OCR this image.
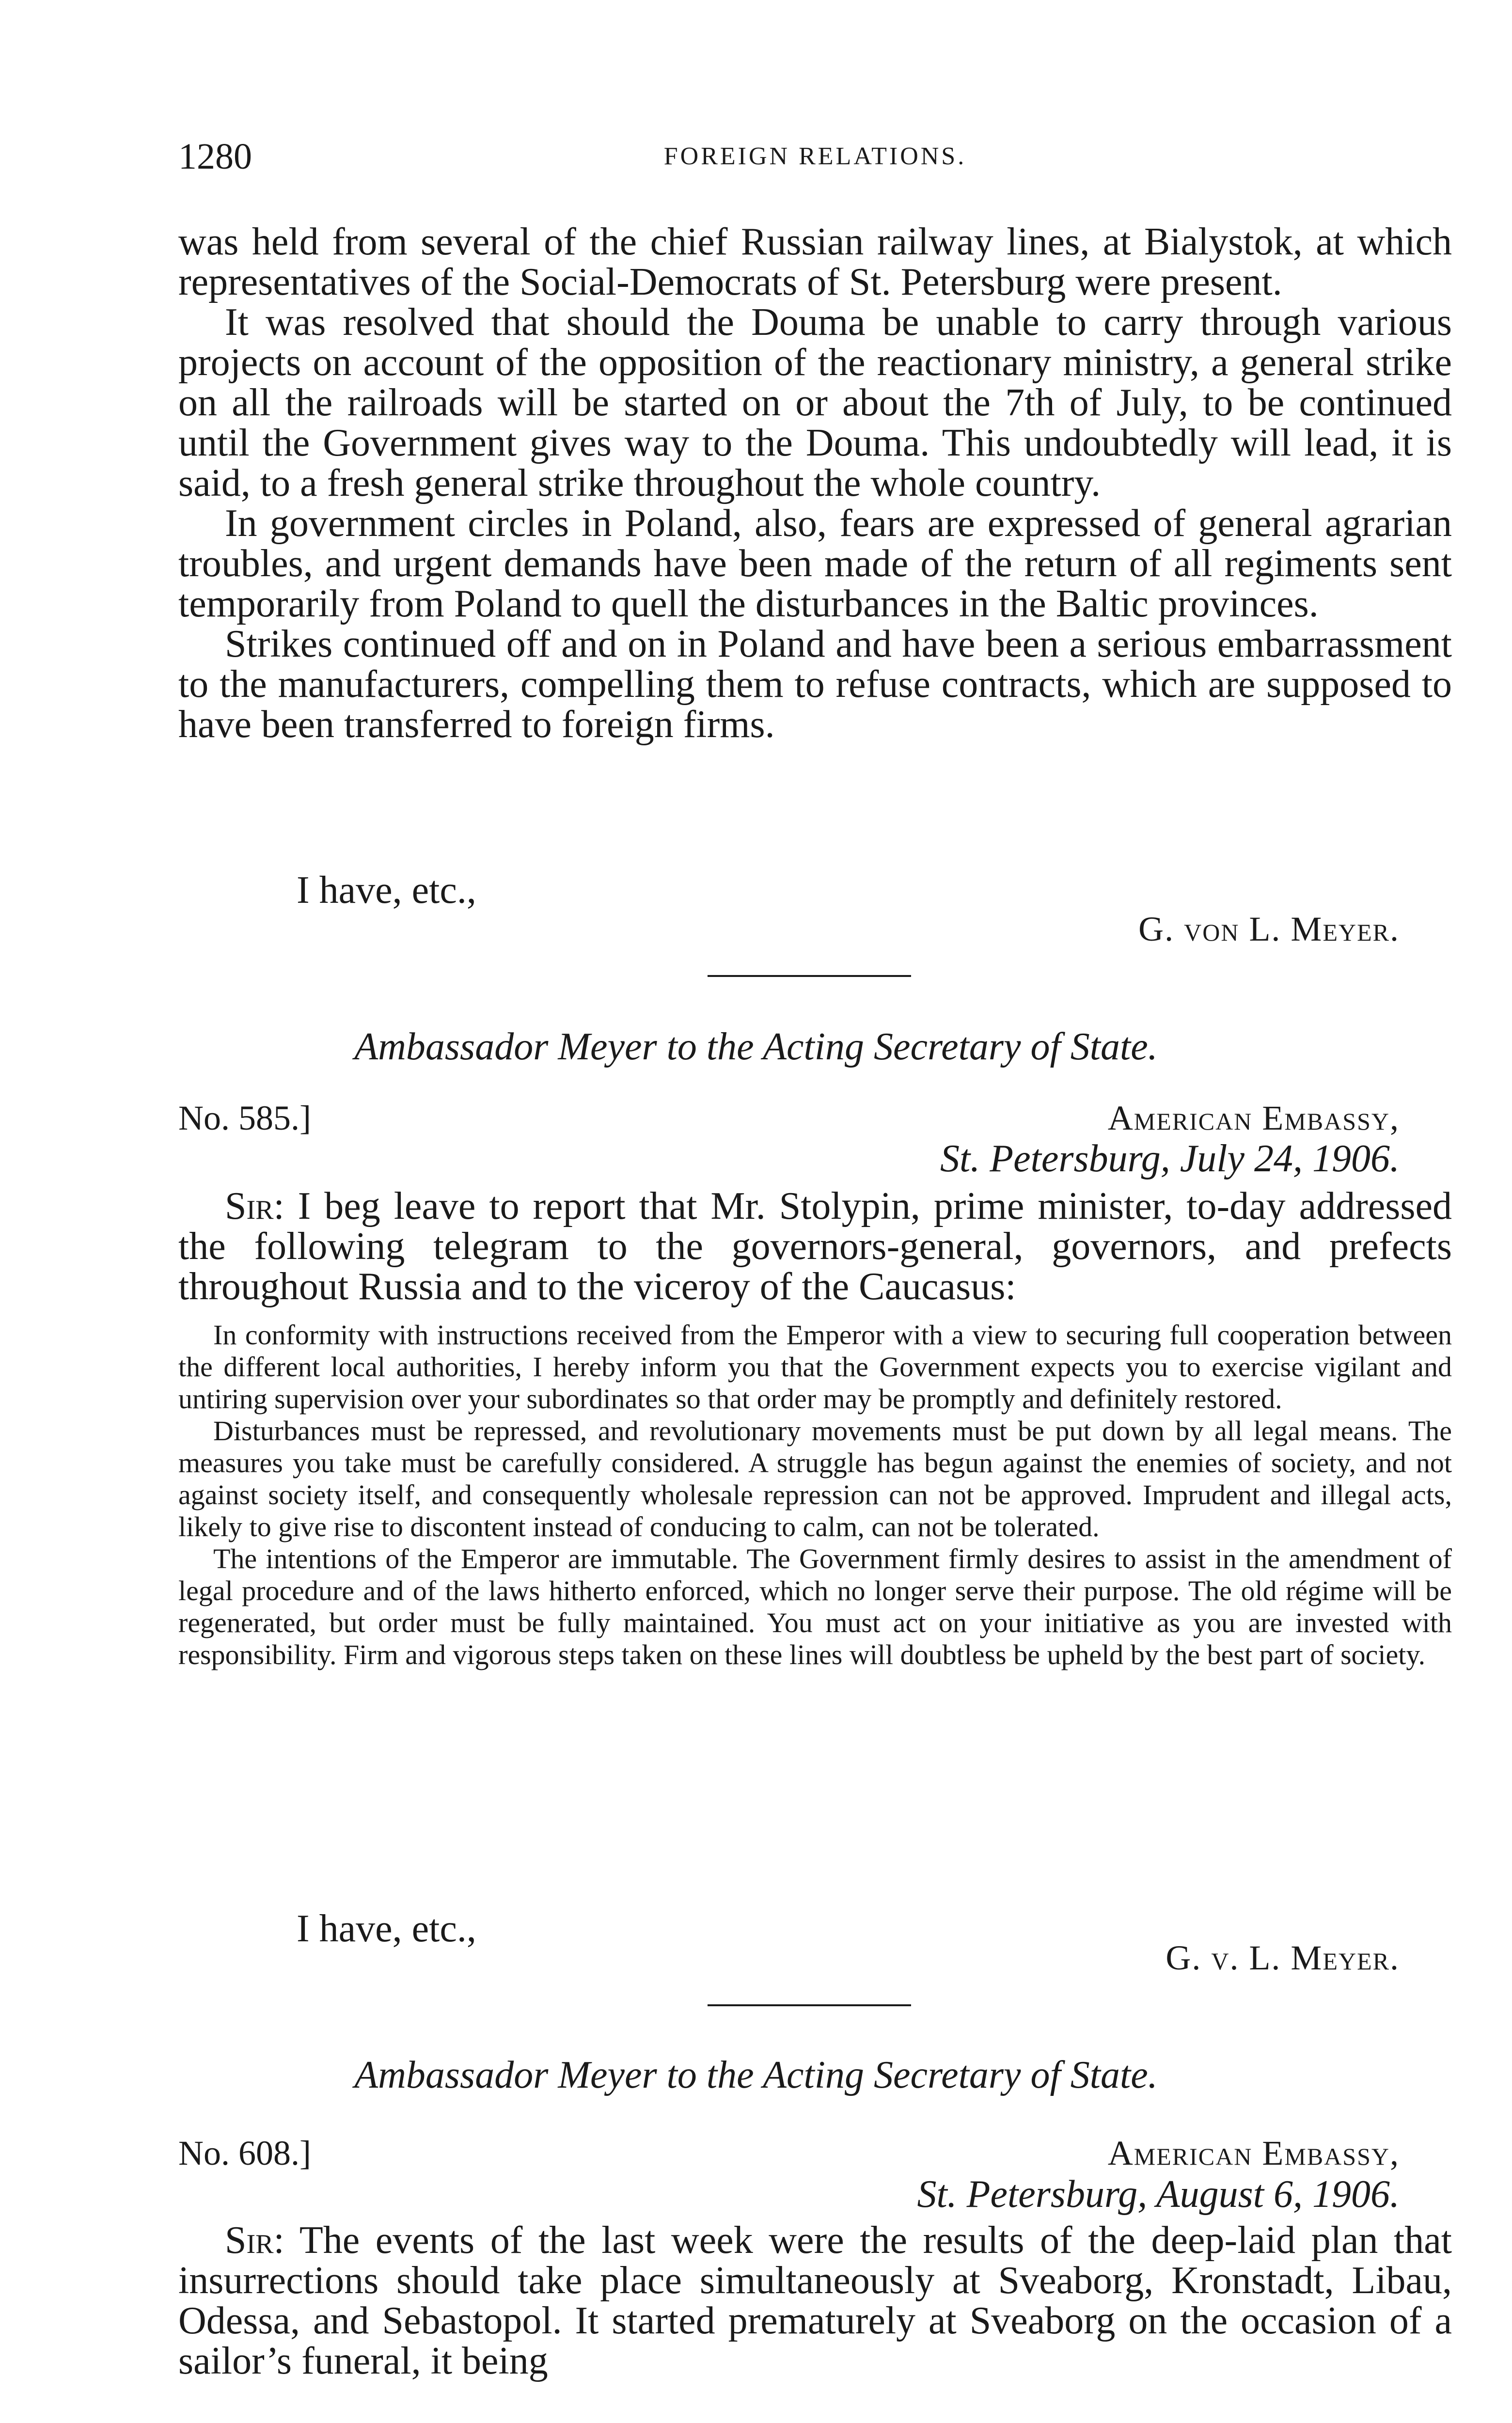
1280	FOREIGN RELATIONS.

was held from several of the chief Russian railway lines, at Bialystok, at which representatives of the Social-Democrats of St. Petersburg were present.

It was resolved that should the Douma be unable to carry through various projects on account of the opposition of the reactionary ministry, a general strike on all the railroads will be started on or about the 7th of July, to be continued until the Government gives way to the Douma. This undoubtedly will lead, it is said, to a fresh general strike throughout the whole country.

In government circles in Poland, also, fears are expressed of general agrarian troubles, and urgent demands have been made of the return of all regiments sent temporarily from Poland to quell the disturbances in the Baltic provinces.

Strikes continued off and on in Poland and have been a serious embarrassment to the manufacturers, compelling them to refuse contracts, which are supposed to have been transferred to foreign firms.

I have, etc.,
G. von L. Meyer.
Ambassador Meyer to the Acting Secretary of State.
No. 585.]	American Embassy,
St. Petersburg, July 24, 1906.

Sir: I beg leave to report that Mr. Stolypin, prime minister, to-day addressed the following telegram to the governors-general, governors, and prefects throughout Russia and to the viceroy of the Caucasus:

In conformity with instructions received from the Emperor with a view to securing full cooperation between the different local authorities, I hereby inform you that the Government expects you to exercise vigilant and untiring supervision over your subordinates so that order may be promptly and definitely restored.

Disturbances must be repressed, and revolutionary movements must be put down by all legal means. The measures you take must be carefully considered. A struggle has begun against the enemies of society, and not against society itself, and consequently wholesale repression can not be approved. Imprudent and illegal acts, likely to give rise to discontent instead of conducing to calm, can not be tolerated.

The intentions of the Emperor are immutable. The Government firmly desires to assist in the amendment of legal procedure and of the laws hitherto enforced, which no longer serve their purpose. The old régime will be regenerated, but order must be fully maintained. You must act on your initiative as you are invested with responsibility. Firm and vigorous steps taken on these lines will doubtless be upheld by the best part of society.

I have, etc.,
G. v. L. Meyer.
Ambassador Meyer to the Acting Secretary of State.
No. 608.]	American Embassy,
St. Petersburg, August 6, 1906.

Sir: The events of the last week were the results of the deep-laid plan that insurrections should take place simultaneously at Sveaborg, Kronstadt, Libau, Odessa, and Sebastopol. It started prematurely at Sveaborg on the occasion of a sailor’s funeral, it being
